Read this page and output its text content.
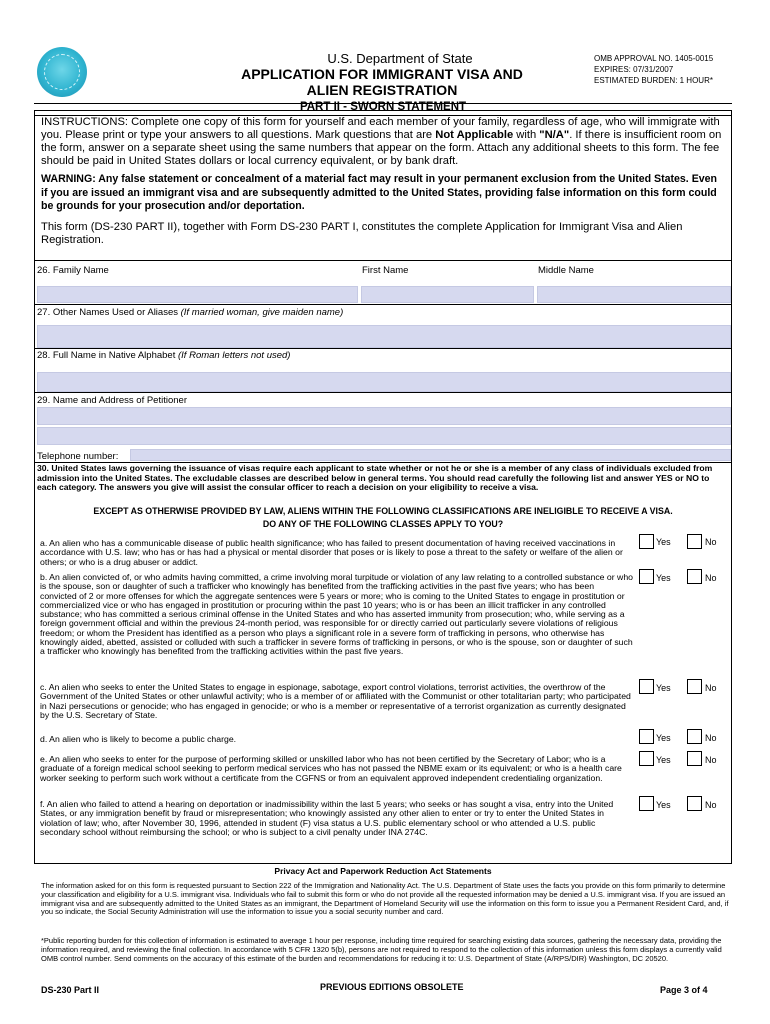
U.S. Department of State
APPLICATION FOR IMMIGRANT VISA AND
ALIEN REGISTRATION
OMB APPROVAL NO. 1405-0015
EXPIRES: 07/31/2007
ESTIMATED BURDEN: 1 HOUR*
PART II - SWORN STATEMENT
INSTRUCTIONS: Complete one copy of this form for yourself and each member of your family, regardless of age, who will immigrate with you. Please print or type your answers to all questions. Mark questions that are Not Applicable with "N/A". If there is insufficient room on the form, answer on a separate sheet using the same numbers that appear on the form. Attach any additional sheets to this form. The fee should be paid in United States dollars or local currency equivalent, or by bank draft.
WARNING: Any false statement or concealment of a material fact may result in your permanent exclusion from the United States. Even if you are issued an immigrant visa and are subsequently admitted to the United States, providing false information on this form could be grounds for your prosecution and/or deportation.
This form (DS-230 PART II), together with Form DS-230 PART I, constitutes the complete Application for Immigrant Visa and Alien Registration.
26. Family Name	First Name	Middle Name
27. Other Names Used or Aliases (If married woman, give maiden name)
28. Full Name in Native Alphabet (If Roman letters not used)
29. Name and Address of Petitioner
Telephone number:
30. United States laws governing the issuance of visas require each applicant to state whether or not he or she is a member of any class of individuals excluded from admission into the United States. The excludable classes are described below in general terms. You should read carefully the following list and answer YES or NO to each category. The answers you give will assist the consular officer to reach a decision on your eligibility to receive a visa.
EXCEPT AS OTHERWISE PROVIDED BY LAW, ALIENS WITHIN THE FOLLOWING CLASSIFICATIONS ARE INELIGIBLE TO RECEIVE A VISA.
DO ANY OF THE FOLLOWING CLASSES APPLY TO YOU?
a. An alien who has a communicable disease of public health significance; who has failed to present documentation of having received vaccinations in accordance with U.S. law; who has or has had a physical or mental disorder that poses or is likely to pose a threat to the safety or welfare of the alien or others; or who is a drug abuser or addict.
Yes	No
b. An alien convicted of, or who admits having committed, a crime involving moral turpitude or violation of any law relating to a controlled substance or who is the spouse, son or daughter of such a trafficker who knowingly has benefited from the trafficking activities in the past five years; who has been convicted of 2 or more offenses for which the aggregate sentences were 5 years or more; who is coming to the United States to engage in prostitution or commercialized vice or who has engaged in prostitution or procuring within the past 10 years; who is or has been an illicit trafficker in any controlled substance; who has committed a serious criminal offense in the United States and who has asserted immunity from prosecution; who, while serving as a foreign government official and within the previous 24-month period, was responsible for or directly carried out particularly severe violations of religious freedom; or whom the President has identified as a person who plays a significant role in a severe form of trafficking in persons, who otherwise has knowingly aided, abetted, assisted or colluded with such a trafficker in severe forms of trafficking in persons, or who is the spouse, son or daughter of such a trafficker who knowingly has benefited from the trafficking activities within the past five years.
Yes	No
c. An alien who seeks to enter the United States to engage in espionage, sabotage, export control violations, terrorist activities, the overthrow of the Government of the United States or other unlawful activity; who is a member of or affiliated with the Communist or other totalitarian party; who participated in Nazi persecutions or genocide; who has engaged in genocide; or who is a member or representative of a terrorist organization as currently designated by the U.S. Secretary of State.
Yes	No
d. An alien who is likely to become a public charge.	Yes	No
e. An alien who seeks to enter for the purpose of performing skilled or unskilled labor who has not been certified by the Secretary of Labor; who is a graduate of a foreign medical school seeking to perform medical services who has not passed the NBME exam or its equivalent; or who is a health care worker seeking to perform such work without a certificate from the CGFNS or from an equivalent approved independent credentialing organization.
Yes	No
f. An alien who failed to attend a hearing on deportation or inadmissibility within the last 5 years; who seeks or has sought a visa, entry into the United States, or any immigration benefit by fraud or misrepresentation; who knowingly assisted any other alien to enter or try to enter the United States in violation of law; who, after November 30, 1996, attended in student (F) visa status a U.S. public elementary school or who attended a U.S. public secondary school without reimbursing the school; or who is subject to a civil penalty under INA 274C.
Yes	No
Privacy Act and Paperwork Reduction Act Statements
The information asked for on this form is requested pursuant to Section 222 of the Immigration and Nationality Act. The U.S. Department of State uses the facts you provide on this form primarily to determine your classification and eligibility for a U.S. immigrant visa. Individuals who fail to submit this form or who do not provide all the requested information may be denied a U.S. immigrant visa. If you are issued an immigrant visa and are subsequently admitted to the United States as an immigrant, the Department of Homeland Security will use the information on this form to issue you a Permanent Resident Card, and, if you so indicate, the Social Security Administration will use the information to issue you a social security number and card.
*Public reporting burden for this collection of information is estimated to average 1 hour per response, including time required for searching existing data sources, gathering the necessary data, providing the information required, and reviewing the final collection. In accordance with 5 CFR 1320 5(b), persons are not required to respond to the collection of this information unless this form displays a currently valid OMB control number. Send comments on the accuracy of this estimate of the burden and recommendations for reducing it to: U.S. Department of State (A/RPS/DIR) Washington, DC 20520.
DS-230 Part II	PREVIOUS EDITIONS OBSOLETE	Page 3 of 4
